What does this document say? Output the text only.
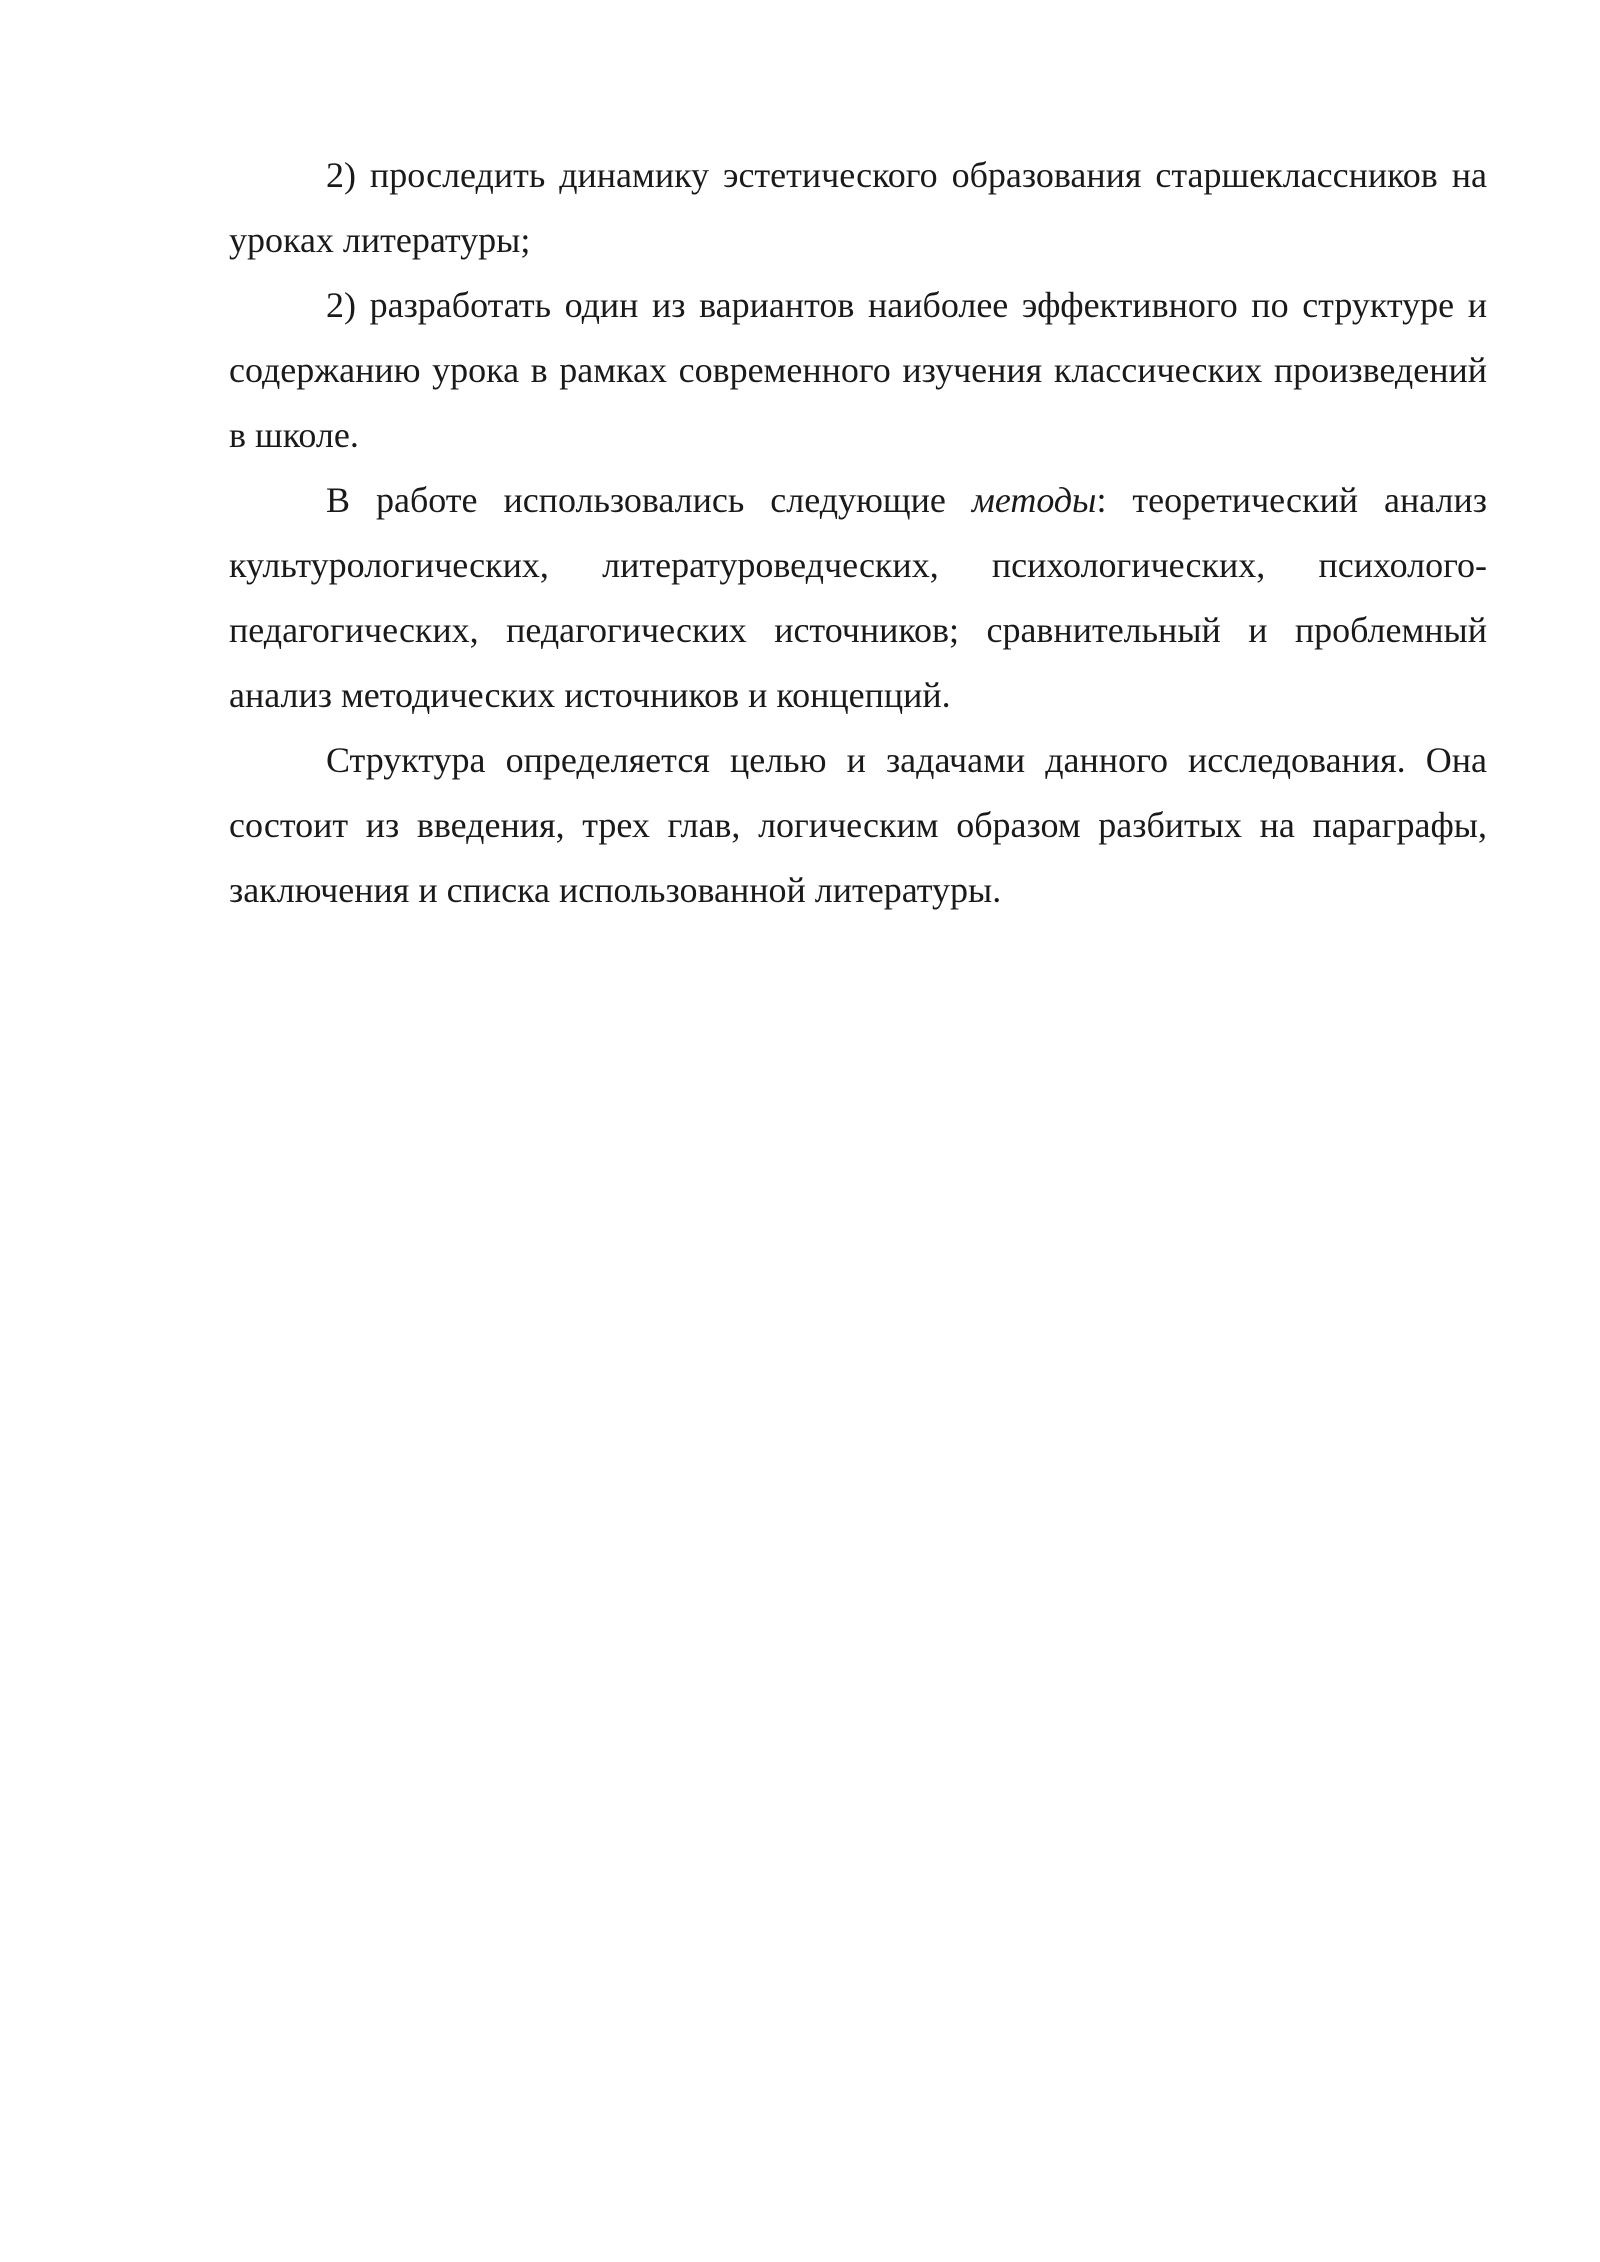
2) проследить динамику эстетического образования старшеклассников на уроках литературы;

2) разработать один из вариантов наиболее эффективного по структуре и содержанию урока в рамках современного изучения классических произведений в школе.

В работе использовались следующие методы: теоретический анализ культурологических, литературоведческих, психологических, психолого-педагогических, педагогических источников; сравнительный и проблемный анализ методических источников и концепций.

Структура определяется целью и задачами данного исследования. Она состоит из введения, трех глав, логическим образом разбитых на параграфы, заключения и списка использованной литературы.
